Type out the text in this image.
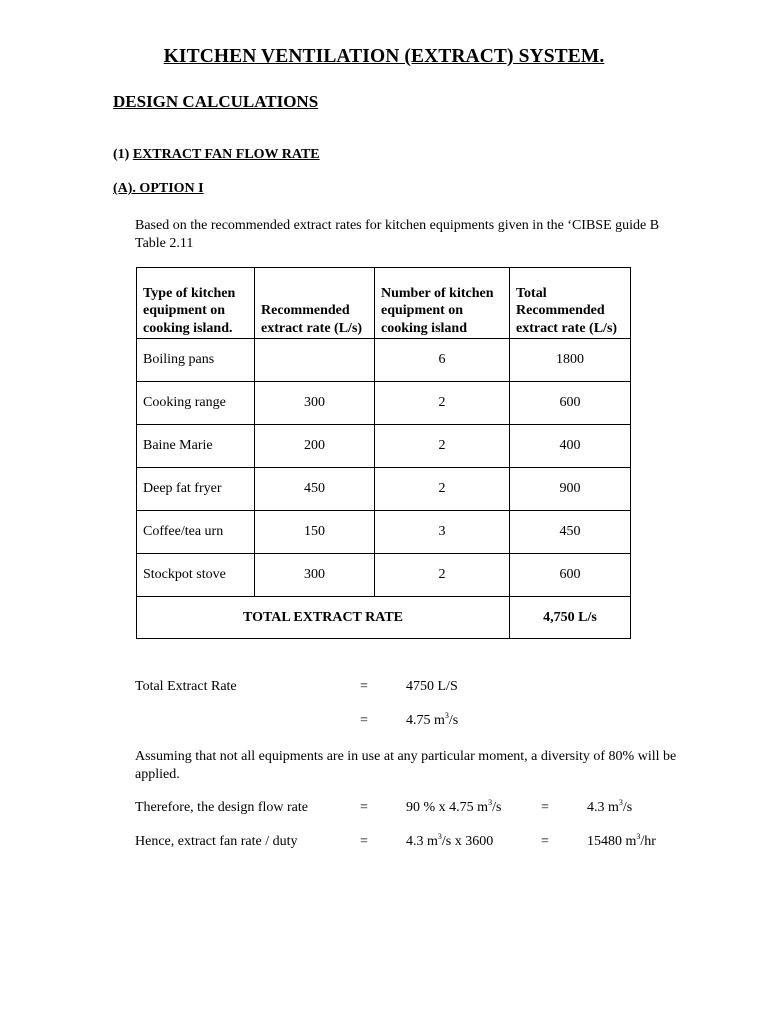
KITCHEN VENTILATION (EXTRACT) SYSTEM.
DESIGN CALCULATIONS
(1) EXTRACT FAN FLOW RATE
(A). OPTION I
Based on the recommended extract rates for kitchen equipments given in the ‘CIBSE guide B Table 2.11
Type of kitchen equipment on cooking island.	Recommended extract rate (L/s)	Number of kitchen equipment on cooking island	Total Recommended extract rate (L/s)
Boiling pans		6	1800
Cooking range	300	2	600
Baine Marie	200	2	400
Deep fat fryer	450	2	900
Coffee/tea urn	150	3	450
Stockpot stove	300	2	600
TOTAL EXTRACT RATE			4,750 L/s
Total Extract Rate	=	4750 L/S
=	4.75 $m^3/s$
Assuming that not all equipments are in use at any particular moment, a diversity of 80% will be applied.
Therefore, the design flow rate	=	90 % x 4.75 $m^3/s$	=	4.3 $m^3/s$
Hence, extract fan rate / duty	=	4.3 $m^3/s$ x 3600	=	15480 $m^3/hr$
